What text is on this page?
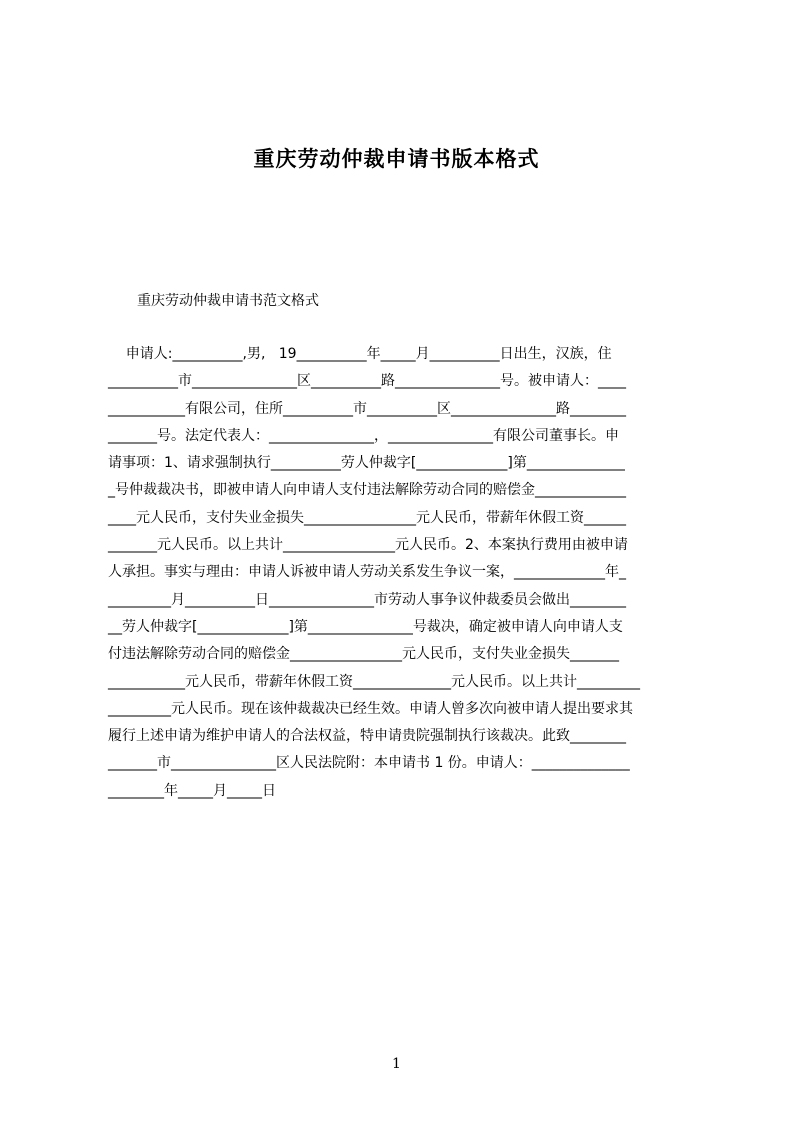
重庆劳动仲裁申请书版本格式
重庆劳动仲裁申请书范文格式
申请人:__________,男,   19__________年_____月__________日出生，汉族，住
__________市_______________区__________路_______________号。被申请人：____
___________有限公司，住所__________市__________区_______________路________
_______号。法定代表人：_______________，_______________有限公司董事长。申
请事项：1、请求强制执行__________劳人仲裁字[_____________]第______________
_号仲裁裁决书，即被申请人向申请人支付违法解除劳动合同的赔偿金_____________
____元人民币，支付失业金损失________________元人民币，带薪年休假工资______
_______元人民币。以上共计________________元人民币。2、本案执行费用由被申请
人承担。事实与理由：申请人诉被申请人劳动关系发生争议一案，_____________年_
_________月__________日_______________市劳动人事争议仲裁委员会做出________
__劳人仲裁字[_____________]第_______________号裁决，确定被申请人向申请人支
付违法解除劳动合同的赔偿金________________元人民币，支付失业金损失_______
___________元人民币，带薪年休假工资______________元人民币。以上共计_________
_________元人民币。现在该仲裁裁决已经生效。申请人曾多次向被申请人提出要求其
履行上述申请为维护申请人的合法权益，特申请贵院强制执行该裁决。此致________
_______市_______________区人民法院附：本申请书 1 份。申请人：______________
________年_____月_____日
1
